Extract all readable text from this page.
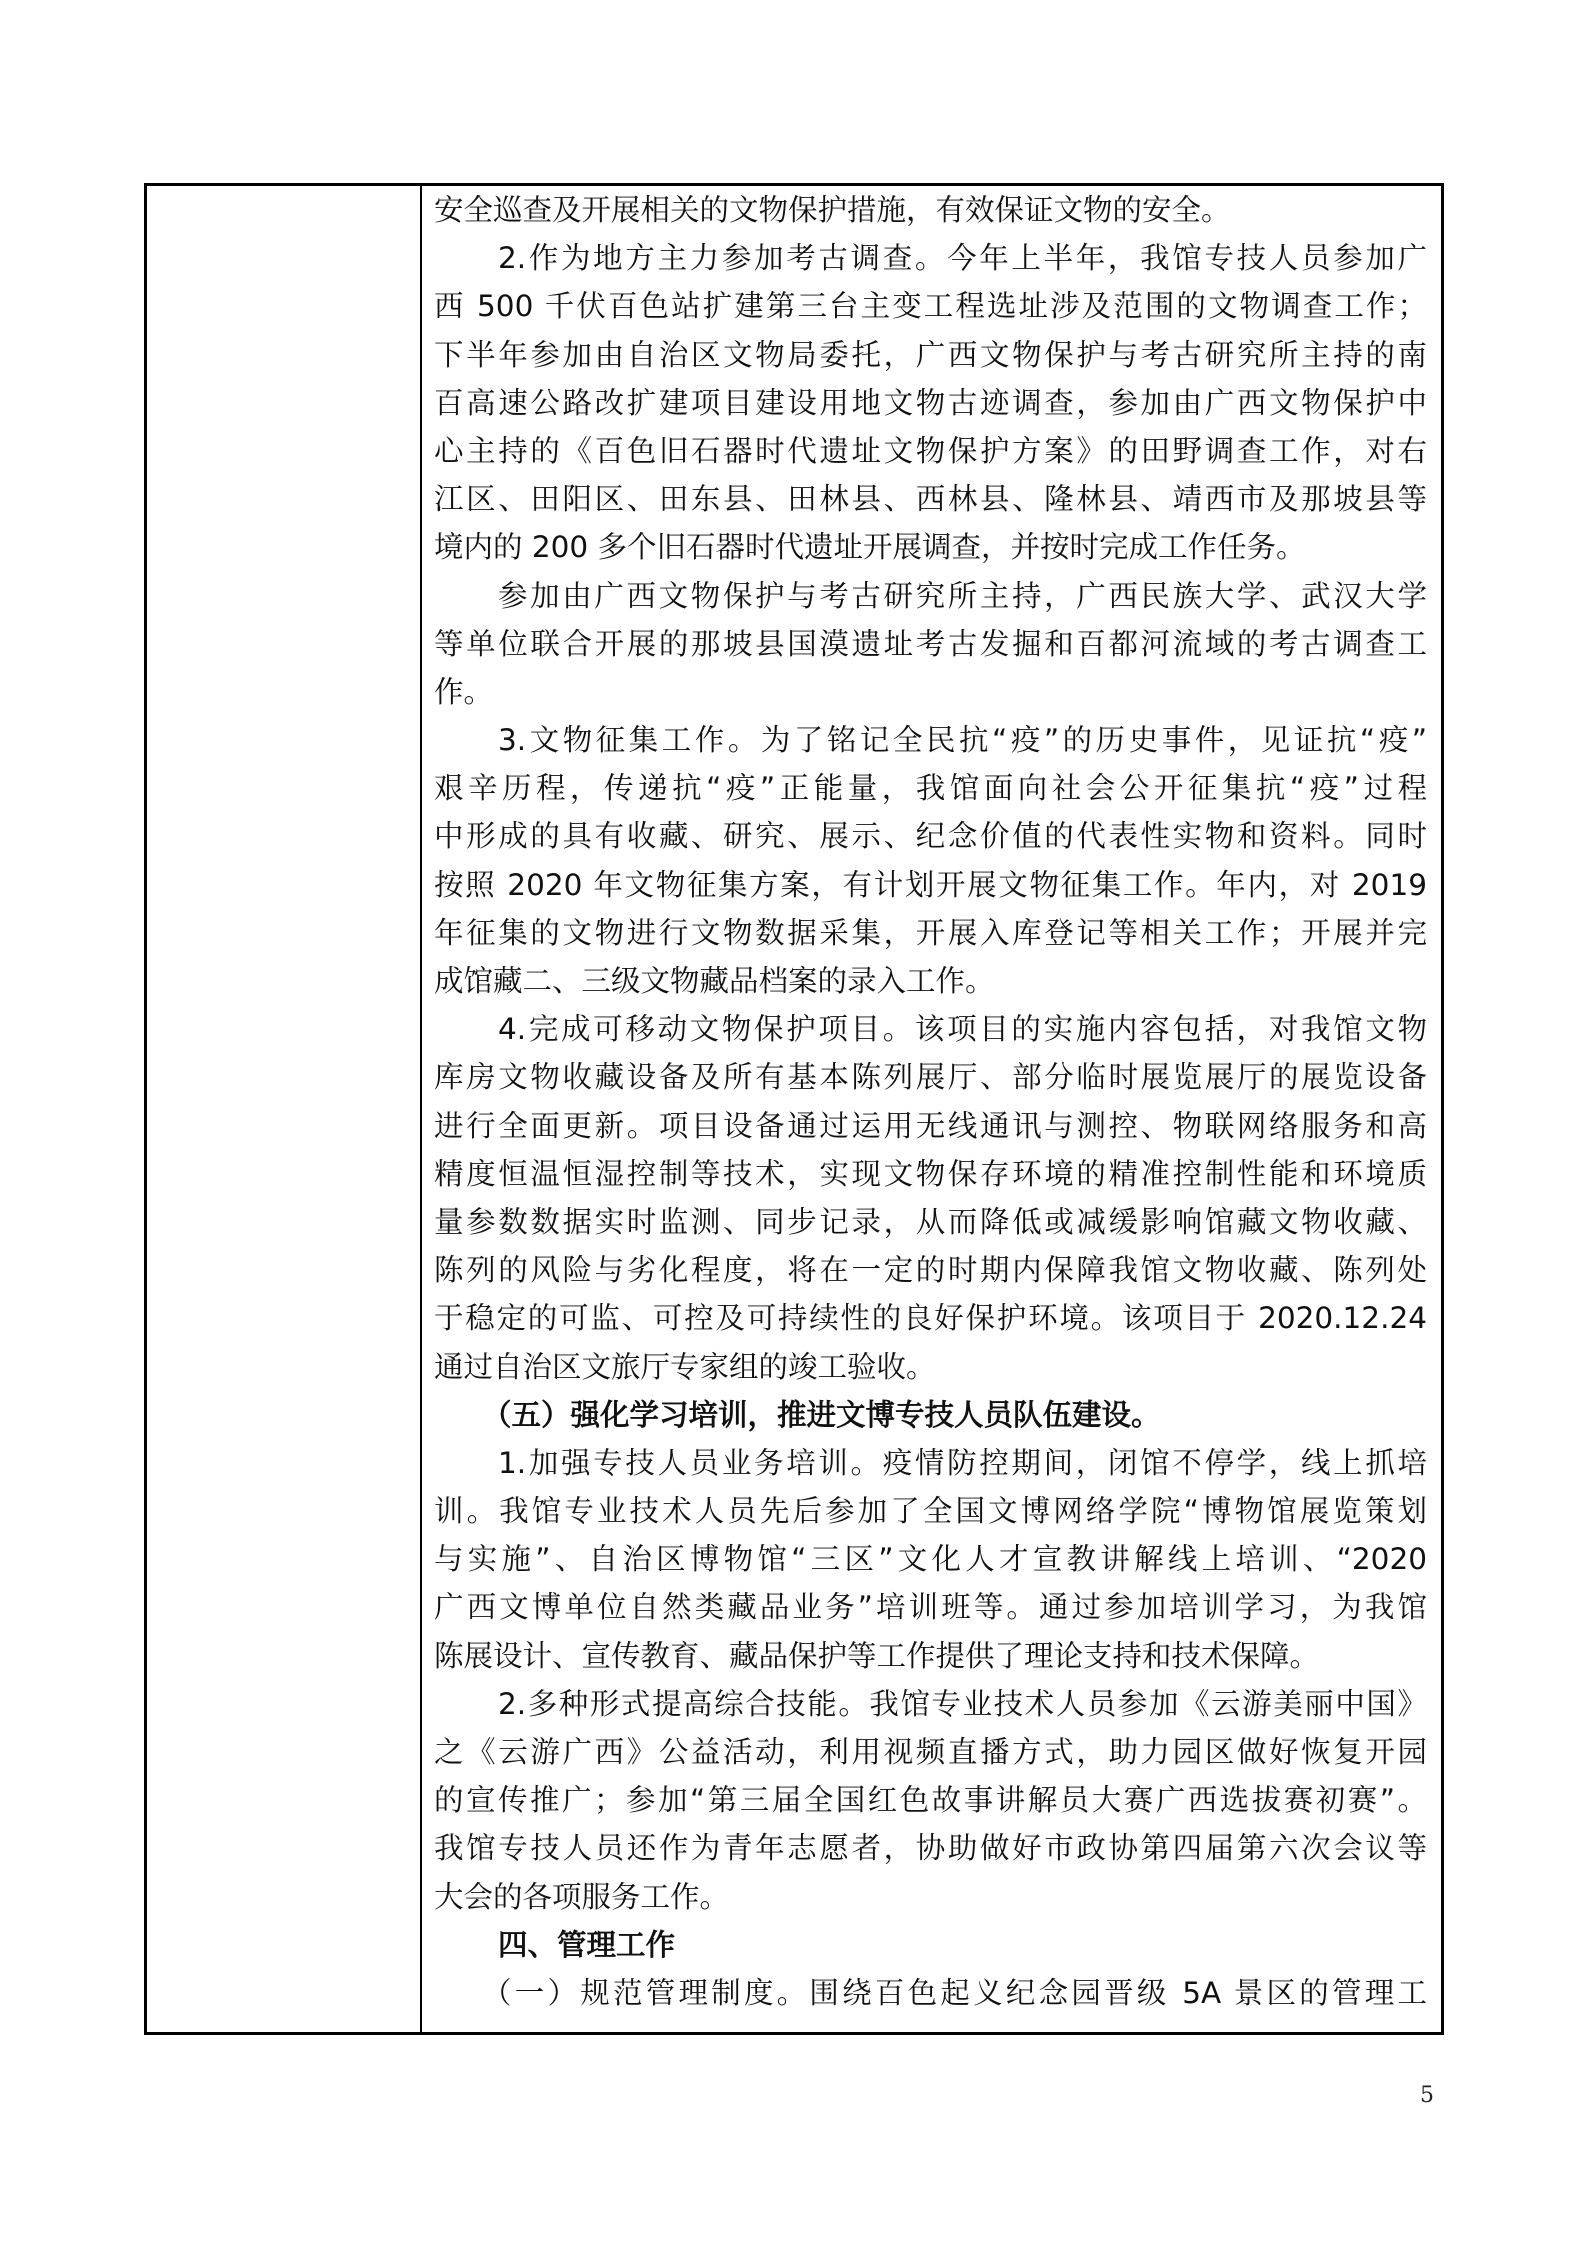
安全巡查及开展相关的文物保护措施，有效保证文物的安全。
2.作为地方主力参加考古调查。今年上半年，我馆专技人员参加广
西 500 千伏百色站扩建第三台主变工程选址涉及范围的文物调查工作；
下半年参加由自治区文物局委托，广西文物保护与考古研究所主持的南
百高速公路改扩建项目建设用地文物古迹调查，参加由广西文物保护中
心主持的《百色旧石器时代遗址文物保护方案》的田野调查工作，对右
江区、田阳区、田东县、田林县、西林县、隆林县、靖西市及那坡县等
境内的 200 多个旧石器时代遗址开展调查，并按时完成工作任务。
参加由广西文物保护与考古研究所主持，广西民族大学、武汉大学
等单位联合开展的那坡县国漠遗址考古发掘和百都河流域的考古调查工
作。
3.文物征集工作。为了铭记全民抗“疫”的历史事件，见证抗“疫”
艰辛历程，传递抗“疫”正能量，我馆面向社会公开征集抗“疫”过程
中形成的具有收藏、研究、展示、纪念价值的代表性实物和资料。同时
按照 2020 年文物征集方案，有计划开展文物征集工作。年内，对 2019
年征集的文物进行文物数据采集，开展入库登记等相关工作；开展并完
成馆藏二、三级文物藏品档案的录入工作。
4.完成可移动文物保护项目。该项目的实施内容包括，对我馆文物
库房文物收藏设备及所有基本陈列展厅、部分临时展览展厅的展览设备
进行全面更新。项目设备通过运用无线通讯与测控、物联网络服务和高
精度恒温恒湿控制等技术，实现文物保存环境的精准控制性能和环境质
量参数数据实时监测、同步记录，从而降低或减缓影响馆藏文物收藏、
陈列的风险与劣化程度，将在一定的时期内保障我馆文物收藏、陈列处
于稳定的可监、可控及可持续性的良好保护环境。该项目于 2020.12.24
通过自治区文旅厅专家组的竣工验收。
（五）强化学习培训，推进文博专技人员队伍建设。
1.加强专技人员业务培训。疫情防控期间，闭馆不停学，线上抓培
训。我馆专业技术人员先后参加了全国文博网络学院“博物馆展览策划
与实施”、自治区博物馆“三区”文化人才宣教讲解线上培训、“2020
广西文博单位自然类藏品业务”培训班等。通过参加培训学习，为我馆
陈展设计、宣传教育、藏品保护等工作提供了理论支持和技术保障。
2.多种形式提高综合技能。我馆专业技术人员参加《云游美丽中国》
之《云游广西》公益活动，利用视频直播方式，助力园区做好恢复开园
的宣传推广；参加“第三届全国红色故事讲解员大赛广西选拔赛初赛”。
我馆专技人员还作为青年志愿者，协助做好市政协第四届第六次会议等
大会的各项服务工作。
四、管理工作
（一）规范管理制度。围绕百色起义纪念园晋级 5A 景区的管理工
5
